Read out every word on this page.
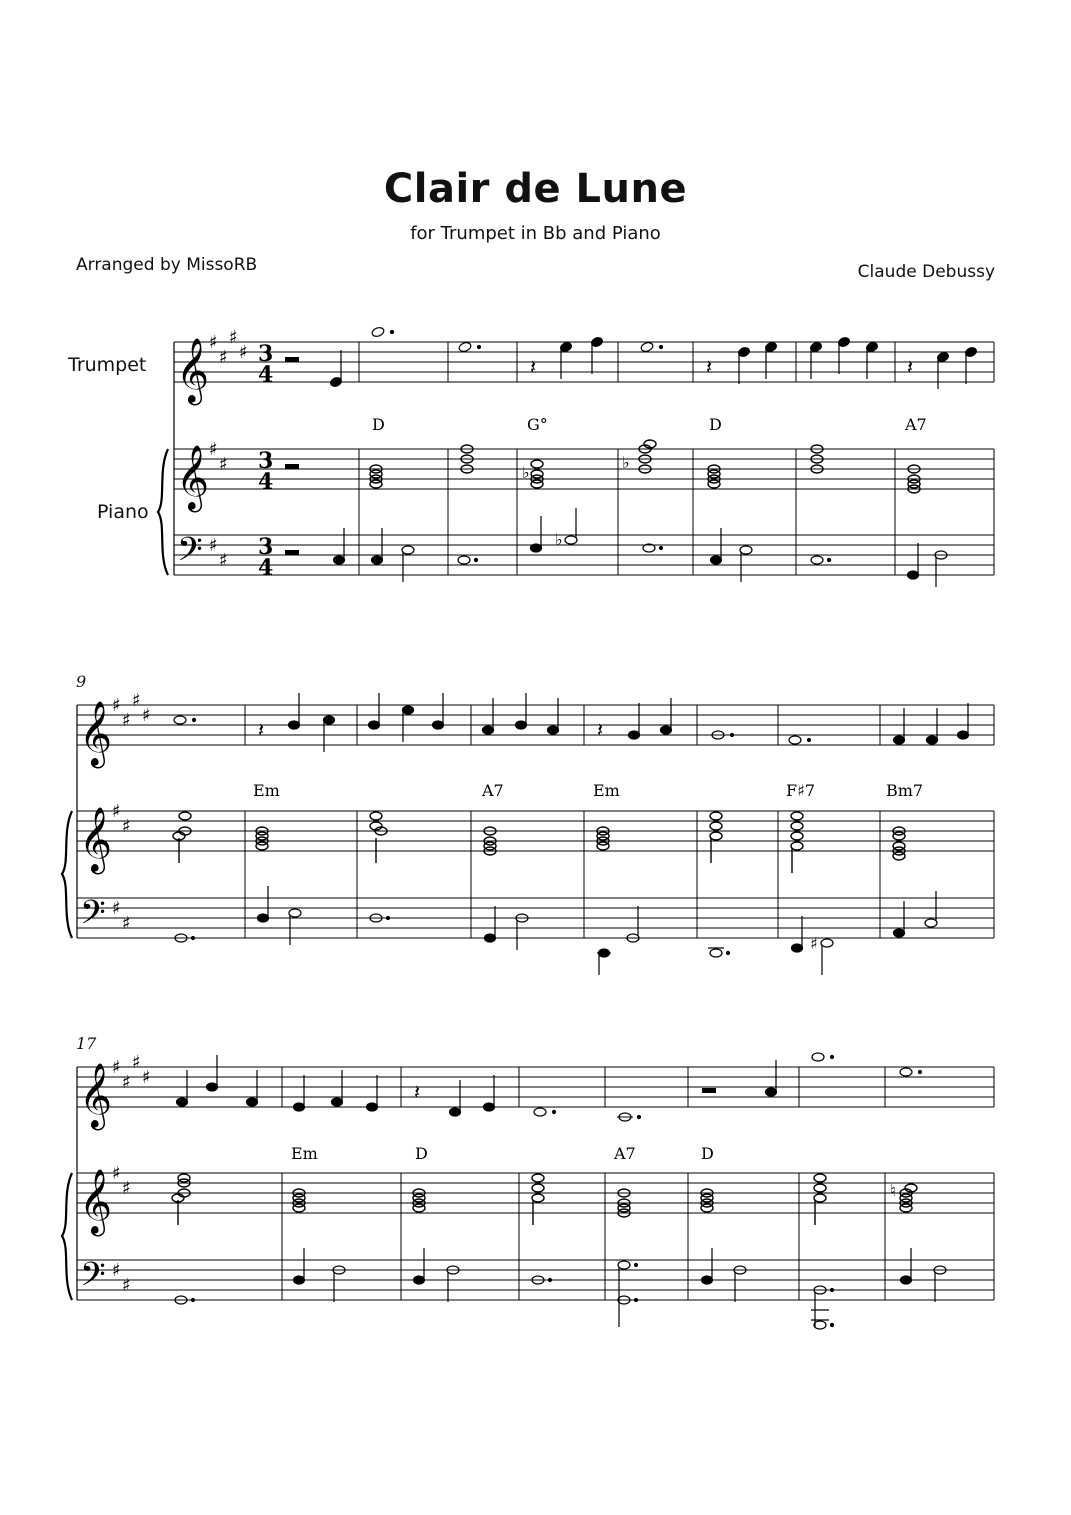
Clair de Lune
for Trumpet in Bb and Piano
Arranged by MissoRB	Claude Debussy
Trumpet
Piano
9
17
𝄞
𝄞
𝄢
♯
♯
♯
♯
♯
♯
♯
♯
3
4
3
4
3
4
D	G°	D	A7
𝄽	𝄽	𝄽
♭
♭
♭
𝄞
𝄞
𝄢
♯
♯
♯
♯
♯
♯
♯
♯
Em	A7	Em	F♯7	Bm7
𝄽	𝄽
♯
𝄞
𝄞
𝄢
♯
♯
♯
♯
♯
♯
♯
♯
Em	D	A7	D
𝄽
♮
